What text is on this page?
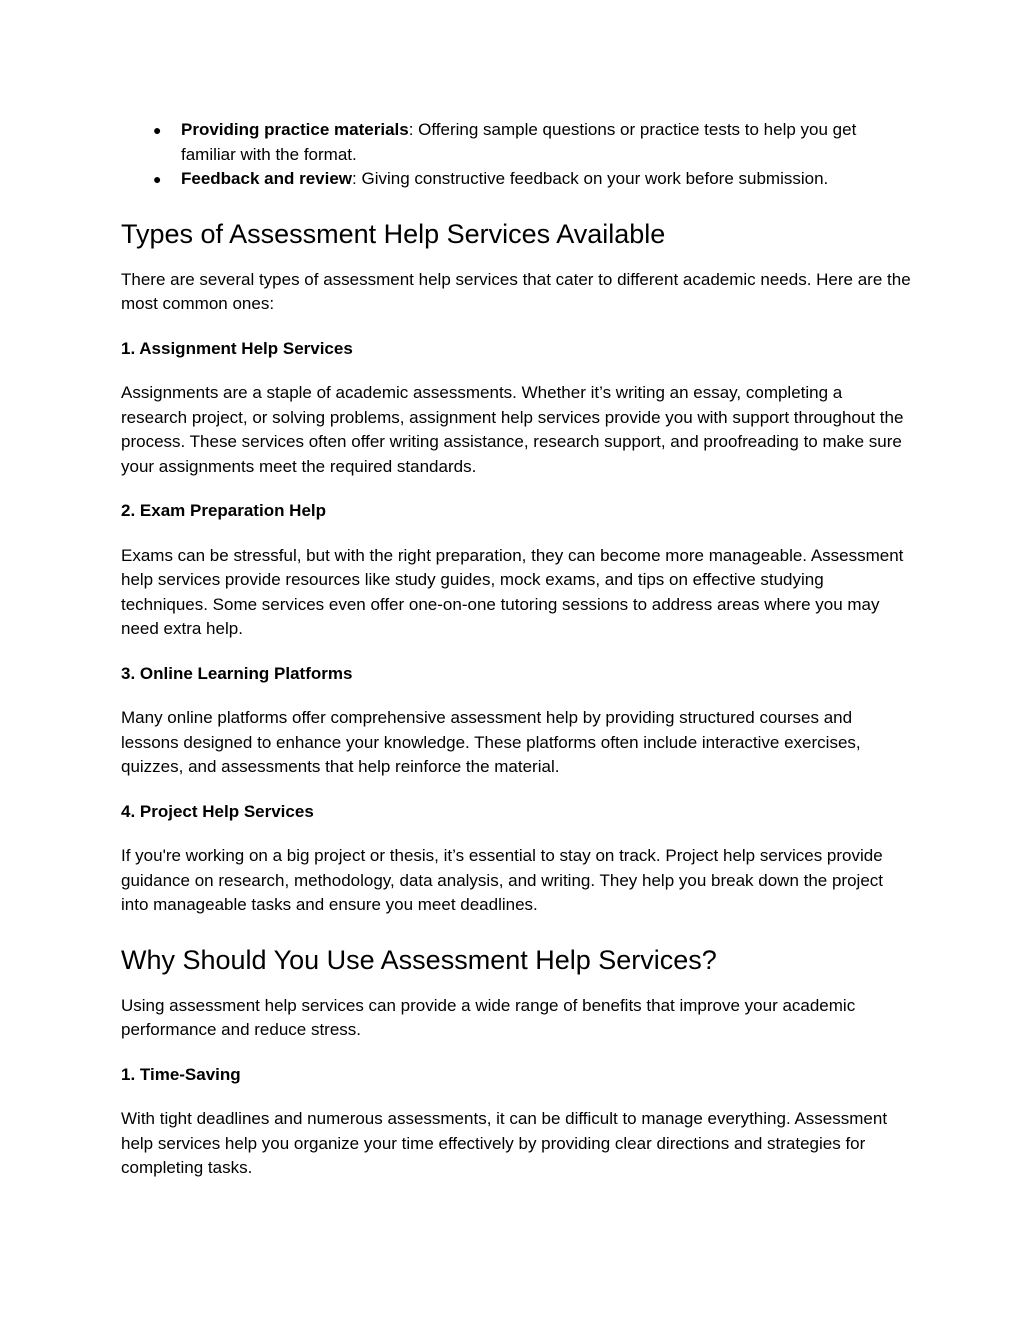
● Providing practice materials: Offering sample questions or practice tests to help you get familiar with the format.
● Feedback and review: Giving constructive feedback on your work before submission.
Types of Assessment Help Services Available

There are several types of assessment help services that cater to different academic needs. Here are the most common ones:

1. Assignment Help Services

Assignments are a staple of academic assessments. Whether it’s writing an essay, completing a research project, or solving problems, assignment help services provide you with support throughout the process. These services often offer writing assistance, research support, and proofreading to make sure your assignments meet the required standards.

2. Exam Preparation Help

Exams can be stressful, but with the right preparation, they can become more manageable. Assessment help services provide resources like study guides, mock exams, and tips on effective studying techniques. Some services even offer one-on-one tutoring sessions to address areas where you may need extra help.

3. Online Learning Platforms

Many online platforms offer comprehensive assessment help by providing structured courses and lessons designed to enhance your knowledge. These platforms often include interactive exercises, quizzes, and assessments that help reinforce the material.

4. Project Help Services

If you're working on a big project or thesis, it’s essential to stay on track. Project help services provide guidance on research, methodology, data analysis, and writing. They help you break down the project into manageable tasks and ensure you meet deadlines.

Why Should You Use Assessment Help Services?

Using assessment help services can provide a wide range of benefits that improve your academic performance and reduce stress.

1. Time-Saving

With tight deadlines and numerous assessments, it can be difficult to manage everything. Assessment help services help you organize your time effectively by providing clear directions and strategies for completing tasks.
